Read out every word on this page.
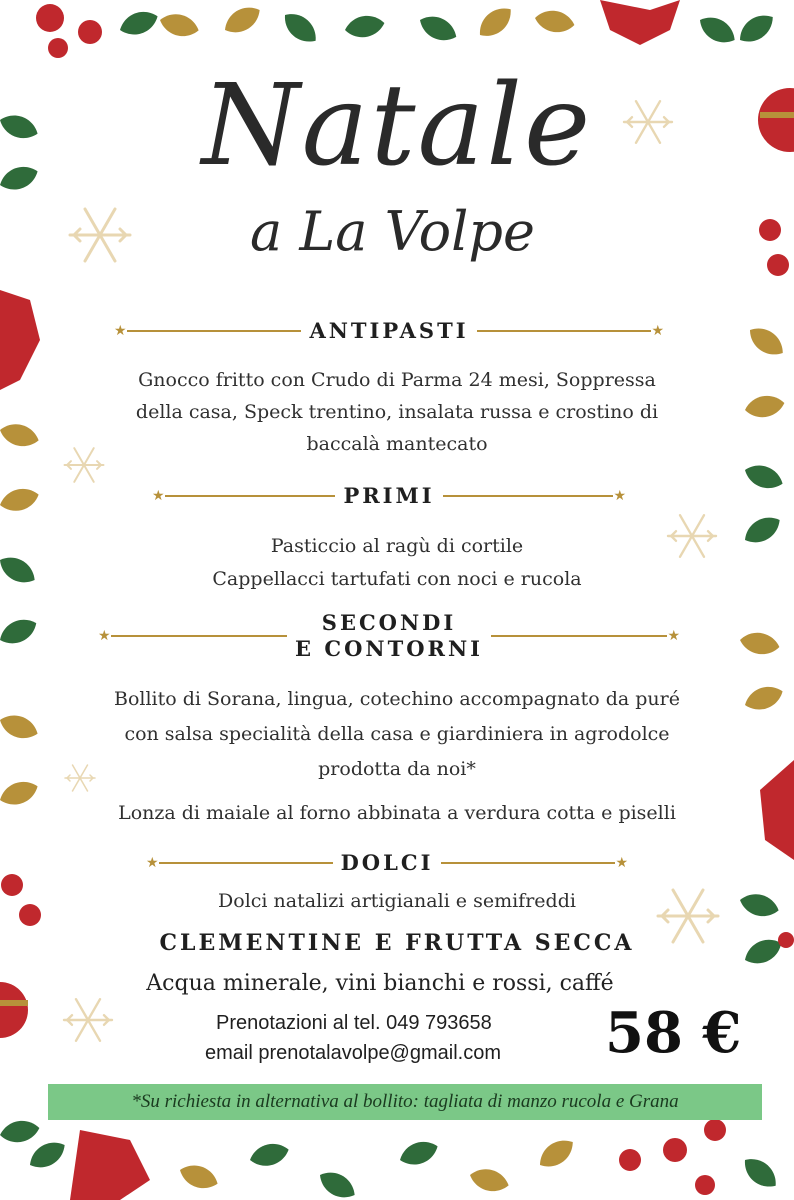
Natale
a La Volpe
★	ANTIPASTI	★
Gnocco fritto con Crudo di Parma 24 mesi, Soppressa
della casa, Speck trentino, insalata russa e crostino di
baccalà mantecato
★	PRIMI	★
Pasticcio al ragù di cortile
Cappellacci tartufati con noci e rucola
★
SECONDI
E CONTORNI	★
Bollito di Sorana, lingua, cotechino accompagnato da puré
con salsa specialità della casa e giardiniera in agrodolce
prodotta da noi*
Lonza di maiale al forno abbinata a verdura cotta e piselli
★	DOLCI	★
Dolci natalizi artigianali e semifreddi
CLEMENTINE E FRUTTA SECCA
Acqua minerale, vini bianchi e rossi, caffé
Prenotazioni al tel. 049 793658
email prenotalavolpe@gmail.com 58 €
*Su richiesta in alternativa al bollito: tagliata di manzo rucola e Grana
